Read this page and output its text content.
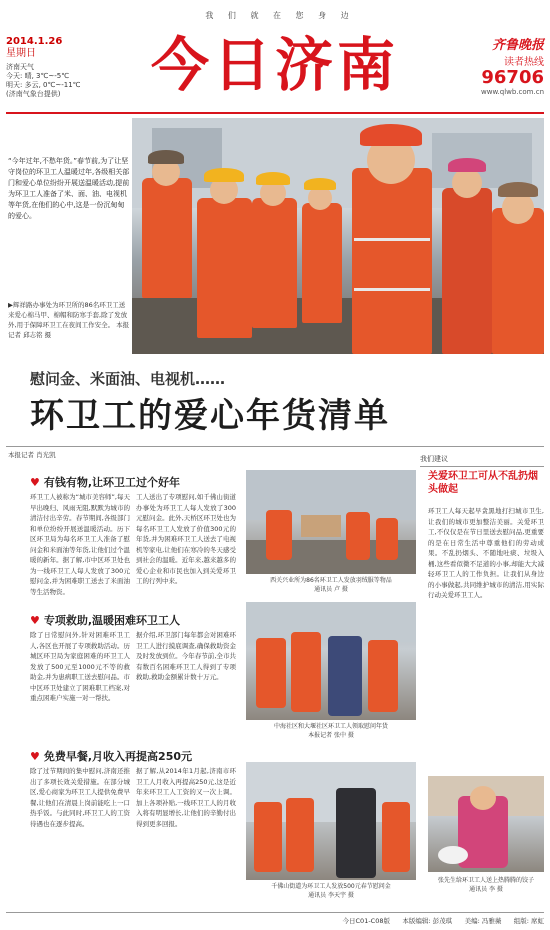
我 们 就 在 您 身 边
2014.1.26
星期日
济南天气
今天: 晴, 3℃~-5℃
明天: 多云, 0℃~-11℃
(济南气象台提供)	今日济南	齐鲁晚报
读者热线
96706
www.qlwb.com.cn
“今年过年,不愁年货。”春节前,为了让坚守岗位的环卫工人温暖过年,各级相关部门和爱心单位纷纷开展送温暖活动,提前为环卫工人准备了米、面、油、电视机等年货,在他们的心中,这是一份沉甸甸的爱心。
▶辉祥路办事处为环卫所的86名环卫工送来爱心棉马甲、棉帽和防寒手套,除了发放外,用于保障环卫工在夜间工作安全。 本报记者 邱志铭 摄
慰问金、米面油、电视机……
环卫工的爱心年货清单
本报记者 肖光凯
♥ 有钱有物,让环卫工过个好年
环卫工人被称为“城市美容师”,每天早出晚归、风雨无阻,默默为城市的清洁付出辛劳。春节期间,各级部门和单位纷纷开展送温暖活动。历下区环卫局为每名环卫工人准备了慰问金和米面油等年货,让他们过个温暖的新年。据了解,市中区环卫处也为一线环卫工人每人发放了300元慰问金,并为困难职工送去了米面油等生活物资。
工人送出了专项慰问,如千佛山街道办事处为环卫工人每人发放了300元慰问金。此外,天桥区环卫处也为每名环卫工人发放了价值300元的年货,并为困难环卫工人送去了电视机等家电,让他们在寒冷的冬天感受到社会的温暖。近年来,越来越多的爱心企业和市民也加入到关爱环卫工的行列中来。	西关兴业所为86名环卫工人发放羽绒服等物品
通讯员 卢 摄
♥ 专项救助,温暖困难环卫工人
除了日常慰问外,针对困难环卫工人,各区也开展了专项救助活动。历城区环卫局为家庭困难的环卫工人发放了500元至1000元不等的救助金,并为患病职工送去慰问品。市中区环卫处建立了困难职工档案,对重点困难户实施一对一帮扶。
据介绍,环卫部门每年都会对困难环卫工人进行摸底调查,确保救助资金及时发放到位。今年春节前,全市共有数百名困难环卫工人得到了专项救助,救助金额累计数十万元。
中海社区和大堰社区环卫工人领取慰问年货
本报记者 张中 摄
♥ 免费早餐,月收入再提高250元
除了过节期间的集中慰问,济南还推出了多项长效关爱措施。在部分城区,爱心商家为环卫工人提供免费早餐,让他们在清晨上岗前能吃上一口热乎饭。与此同时,环卫工人的工资待遇也在逐步提高。
据了解,从2014年1月起,济南市环卫工人月收入再提高250元,这是近年来环卫工人工资的又一次上调。加上各项补贴,一线环卫工人的月收入将有明显增长,让他们的辛勤付出得到更多回报。
千佛山街道为环卫工人发放500元春节慰问金
通讯员 李天宇 摄
我们建议
关爱环卫工可从不乱扔烟头做起
环卫工人每天起早贪黑地打扫城市卫生,让我们的城市更加整洁美丽。关爱环卫工,不仅仅是在节日里送去慰问品,更重要的是在日常生活中尊重他们的劳动成果。不乱扔烟头、不随地吐痰、垃圾入桶,这些看似微不足道的小事,却能大大减轻环卫工人的工作负担。让我们从身边的小事做起,共同维护城市的清洁,用实际行动关爱环卫工人。
张先生给环卫工人送上热腾腾的饺子
通讯员 李 摄
今日C01-C08版 本版编辑: 彭茂琪 美编: 冯雅薇 组版: 席虹
